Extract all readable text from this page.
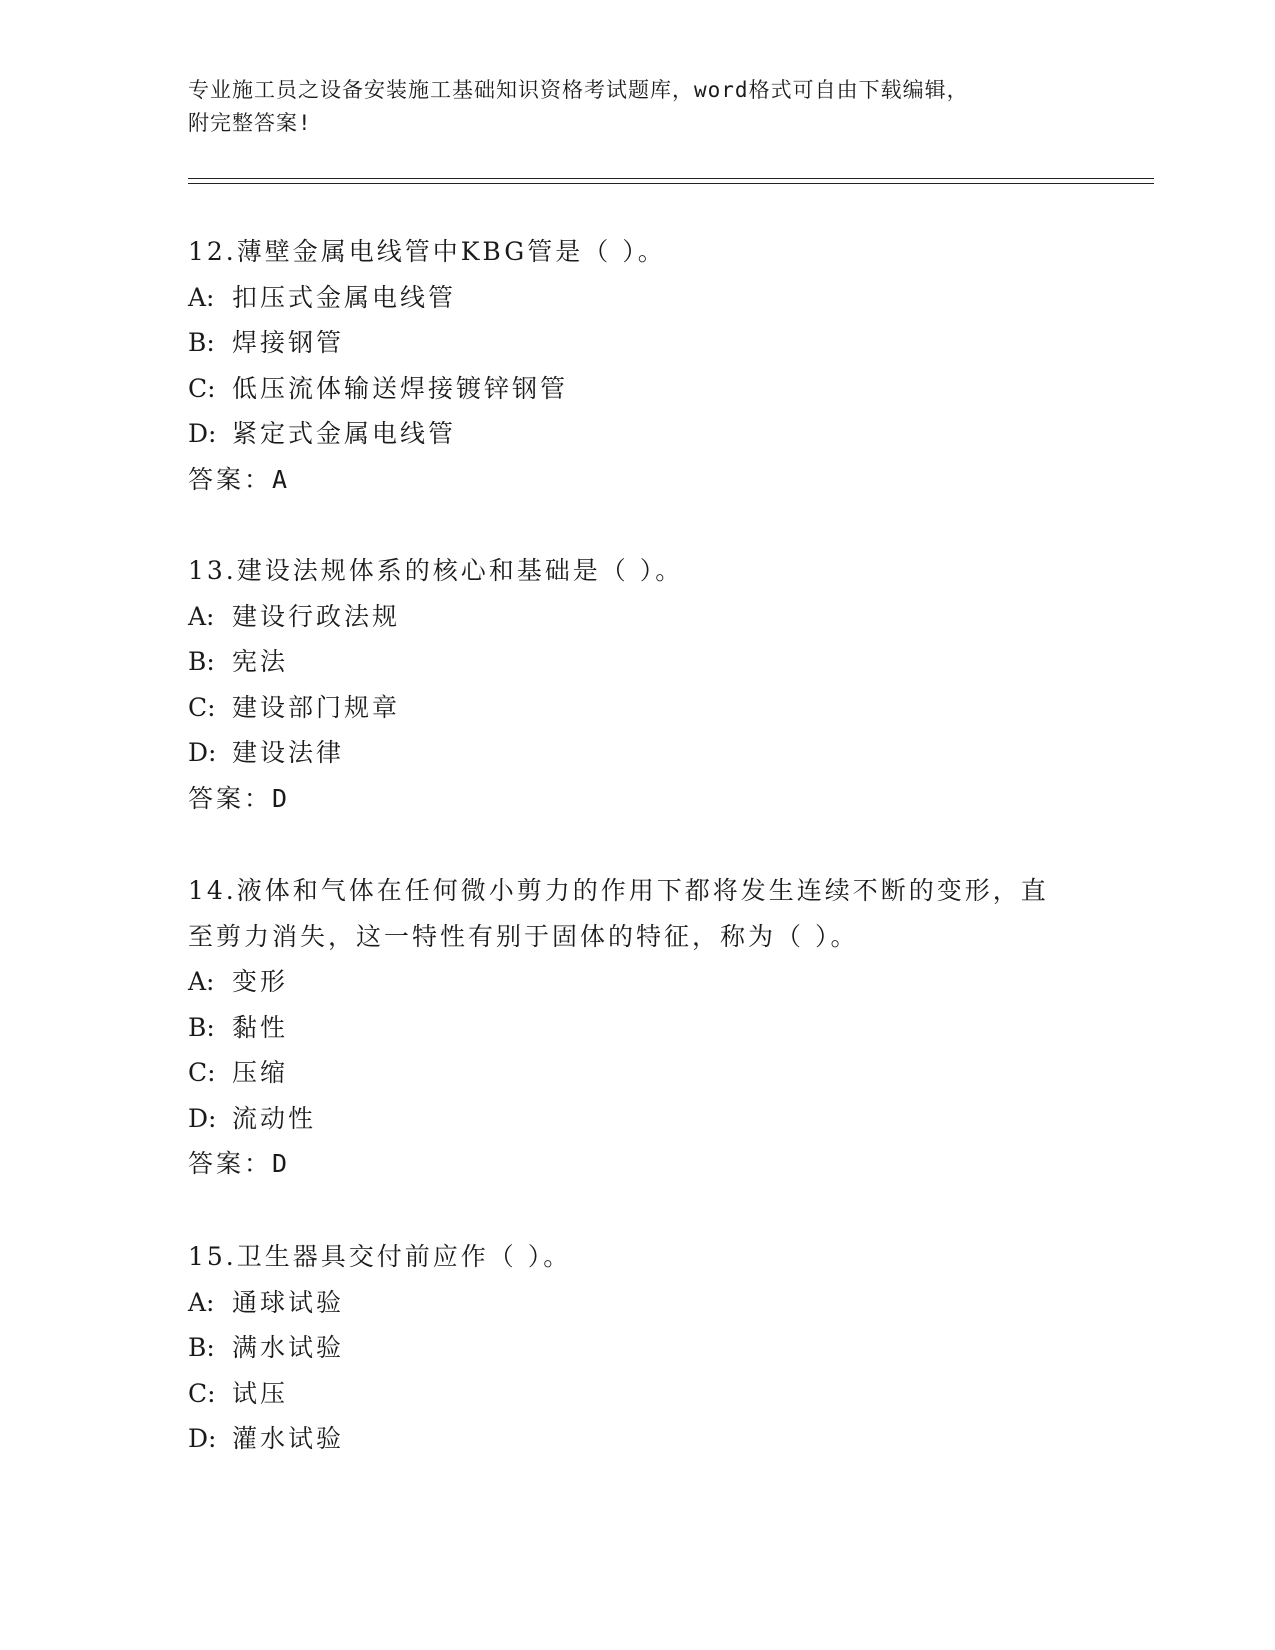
专业施工员之设备安装施工基础知识资格考试题库，word格式可自由下载编辑，
附完整答案!
12.薄壁金属电线管中KBG管是（ ）。
A: 扣压式金属电线管
B: 焊接钢管
C: 低压流体输送焊接镀锌钢管
D: 紧定式金属电线管
答案：A
13.建设法规体系的核心和基础是（ ）。
A: 建设行政法规
B: 宪法
C: 建设部门规章
D: 建设法律
答案：D
14.液体和气体在任何微小剪力的作用下都将发生连续不断的变形，直
至剪力消失，这一特性有别于固体的特征，称为（ ）。
A: 变形
B: 黏性
C: 压缩
D: 流动性
答案：D
15.卫生器具交付前应作（ ）。
A: 通球试验
B: 满水试验
C: 试压
D: 灌水试验
